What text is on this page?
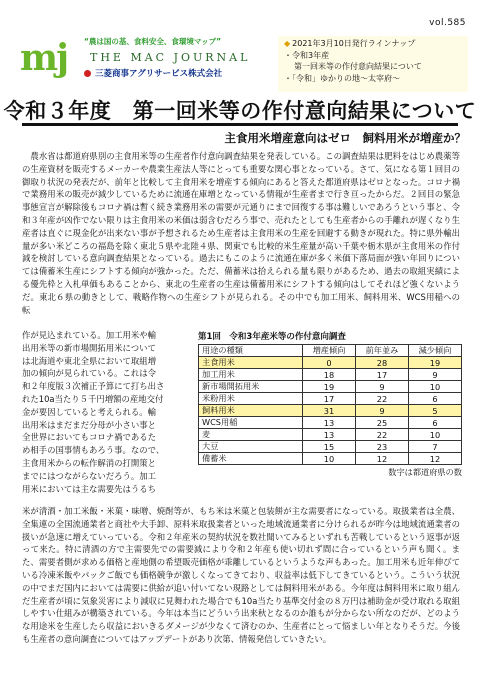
vol.585
mj “農は国の基、食料安全、食環境マップ”
THE MAC JOURNAL
三菱商事アグリサービス株式会社
◆ 2021年3月10日発行ラインナップ
・令和3年産
第一回米等の作付意向結果について
・「令和」ゆかりの地～太宰府～
令和３年度　第一回米等の作付意向結果について
主食用米増産意向はゼロ　飼料用米が増産か？
　農水省は都道府県別の主食用米等の生産者作付意向調査結果を発表している。この調査結果は肥料をはじめ農薬等の生産資材を販売するメーカーや農業生産法人等にとっても重要な関心事となっている。さて、気になる第１回目の御取り状況の発表だが、前年と比較して主食用米を増産する傾向にあると答えた都道府県はゼロとなった。コロナ禍で業務用米の販売が減少しているために流通在庫増となっている情報が生産者まで行き亘ったからだ。２回目の緊急事態宣言が解除後もコロナ禍は暫く続き業務用米の需要が元通りにまで回復する事は難しいであろうという事と、令和３年産が凶作でない限りは主食用米の米価は弱含むだろう事で、売れたとしても生産者からの手離れが遅くなり生産者は直ぐに現金化が出来ない事が予想されるため生産者は主食用米の生産を回避する動きが現れた。特に県外輸出量が多い米どころの福島を除く東北５県や北陸４県、関東でも比較的米生産量が高い千葉や栃木県が主食用米の作付減を検討している意向調査結果となっている。過去にもこのように流通在庫が多く米価下落局面が強い年回りについては備蓄米生産にシフトする傾向が強かった。ただ、備蓄米は拾えられる量も限りがあるため、過去の取組実績による優先枠と入札単価もあることから、東北の生産者の生産は備蓄用米にシフトする傾向はしてそれほど強くないようだ。東北６県の動きとして、戦略作物への生産シフトが見られる。その中でも加工用米、飼料用米、WCS用稲への転

作が見込まれている。加工用米や輸

出用米等の新市場開拓用米について

は北海道や東北全県において取組増

加の傾向が見られている。これは令

和２年度版３次補正予算にて打ち出さ

れた10a当たり５千円増額の産地交付

金が要因していると考えられる。輸

出用米はまだまだ分母が小さい事と

全世界においてもコロナ禍であるた

め相手の国事情もあろう事。なので、

主食用米からの転作解消の打開策と

までにはつながらないだろう。加工

用米においては主な需要先はうるち

第1回　令和3年産米等の作付意向調査
用途の種類	増産傾向	前年並み	減少傾向
主食用米	0	28	19
加工用米	18	17	9
新市場開拓用米	19	9	10
米粉用米	17	22	6
飼料用米	31	9	5
WCS用稲	13	25	6
麦	13	22	10
大豆	15	23	7
備蓄米	10	12	12
数字は都道府県の数
米が清酒・加工米飯・米菓・味噌、焼酎等が、もち米は米菓と包装餅が主な需要者になっている。取扱業者は全農、全集連の全国流通業者と商社や大手卸、原料米取扱業者といった地域流通業者に分けられるが昨今は地域流通業者の扱いが急速に増えていっている。令和２年産米の契約状況を数社聞いてみるといずれも苦戦しているという返事が返って来た。特に清酒の方で主需要先での需要減により令和２年産も使い切れず間に合っているという声も聞く。また、需要者側が求める価格と産地側の希望販売価格が乖離しているというような声もあった。加工用米も近年伸びている冷凍米飯やパックご飯でも価格競争が激しくなってきており、収益率は低下してきているという。こういう状況の中でまだ国内においては需要に供給が追い付いてない現路としては飼料用米がある。今年度は飼料用米に取り組んだ生産者が頃に気象災害により減収に見舞われた場合でも10a当たり基準交付金の８万円は補助金が受け取れる取組しやすい仕組みが構築されている。今年は本当にどういう出来秋となるのか誰もが分からない所なのだが、どのような用途米を生産したら収益においきるダメージが少なくて済むのか、生産者にとって悩ましい年となりそうだ。今後も生産者の意向調査についてはアップデートがあり次第、情報発信していきたい。
